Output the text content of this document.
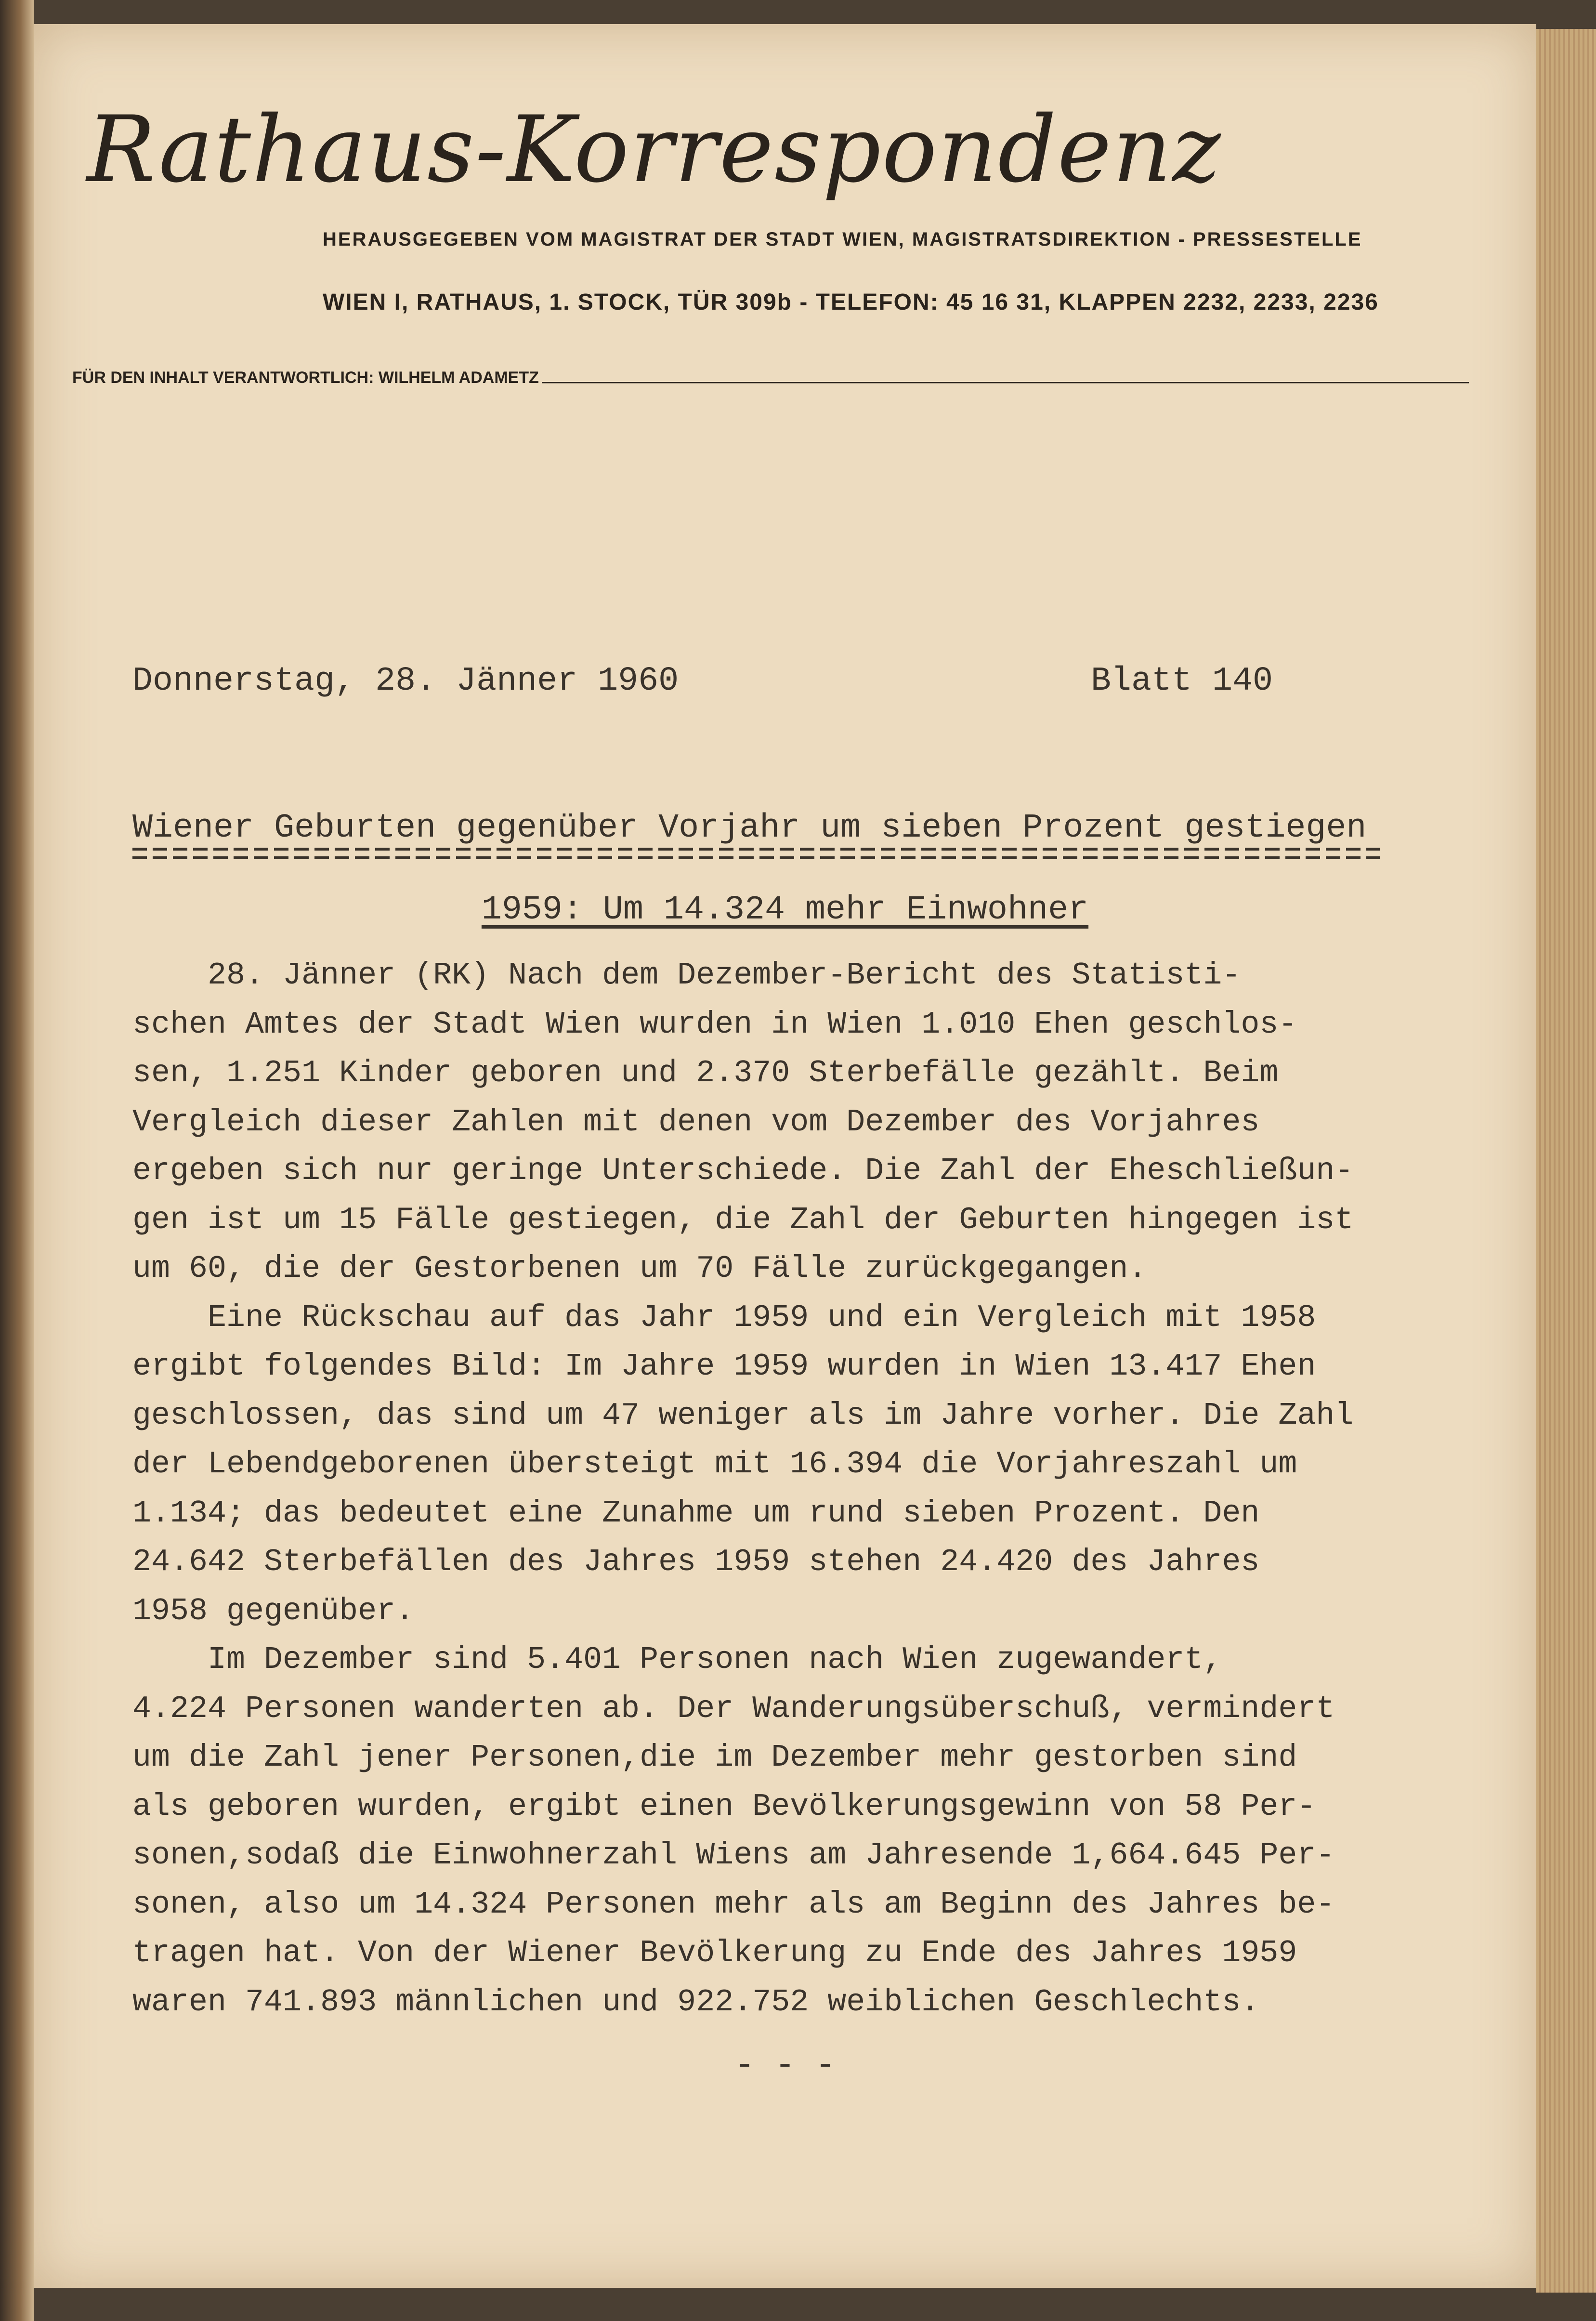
Rathaus-Korrespondenz
HERAUSGEGEBEN VOM MAGISTRAT DER STADT WIEN, MAGISTRATSDIREKTION - PRESSESTELLE
WIEN I, RATHAUS, 1. STOCK, TÜR 309b - TELEFON: 45 16 31, KLAPPEN 2232, 2233, 2236
FÜR DEN INHALT VERANTWORTLICH: WILHELM ADAMETZ
Donnerstag, 28. Jänner 1960	Blatt 140
Wiener Geburten gegenüber Vorjahr um sieben Prozent gestiegen
1959: Um 14.324 mehr Einwohner
28. Jänner (RK) Nach dem Dezember-Bericht des Statisti-
schen Amtes der Stadt Wien wurden in Wien 1.010 Ehen geschlos-
sen, 1.251 Kinder geboren und 2.370 Sterbefälle gezählt. Beim
Vergleich dieser Zahlen mit denen vom Dezember des Vorjahres
ergeben sich nur geringe Unterschiede. Die Zahl der Eheschließun-
gen ist um 15 Fälle gestiegen, die Zahl der Geburten hingegen ist
um 60, die der Gestorbenen um 70 Fälle zurückgegangen.
Eine Rückschau auf das Jahr 1959 und ein Vergleich mit 1958
ergibt folgendes Bild: Im Jahre 1959 wurden in Wien 13.417 Ehen
geschlossen, das sind um 47 weniger als im Jahre vorher. Die Zahl
der Lebendgeborenen übersteigt mit 16.394 die Vorjahreszahl um
1.134; das bedeutet eine Zunahme um rund sieben Prozent. Den
24.642 Sterbefällen des Jahres 1959 stehen 24.420 des Jahres
1958 gegenüber.
Im Dezember sind 5.401 Personen nach Wien zugewandert,
4.224 Personen wanderten ab. Der Wanderungsüberschuß, vermindert
um die Zahl jener Personen,die im Dezember mehr gestorben sind
als geboren wurden, ergibt einen Bevölkerungsgewinn von 58 Per-
sonen,sodaß die Einwohnerzahl Wiens am Jahresende 1,664.645 Per-
sonen, also um 14.324 Personen mehr als am Beginn des Jahres be-
tragen hat. Von der Wiener Bevölkerung zu Ende des Jahres 1959
waren 741.893 männlichen und 922.752 weiblichen Geschlechts.
- - -
